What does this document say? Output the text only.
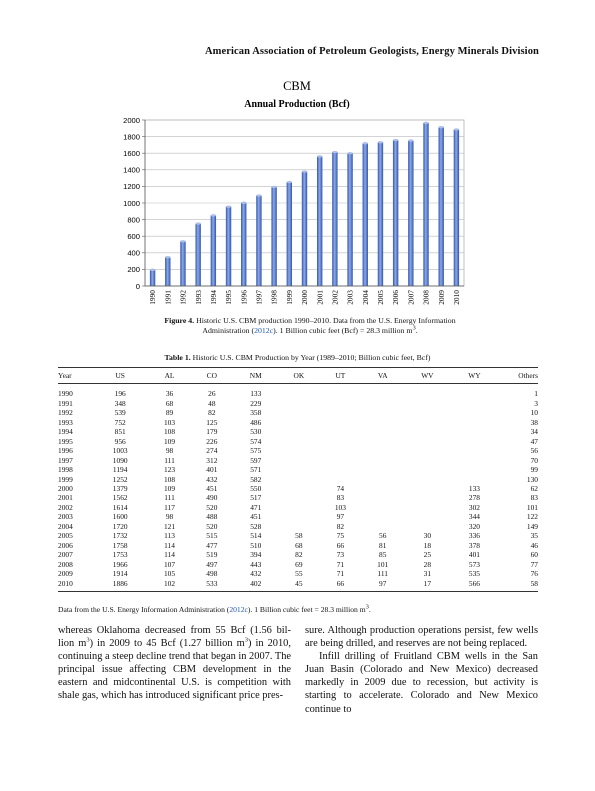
American Association of Petroleum Geologists, Energy Minerals Division
CBM
Annual Production (Bcf)
0
200
400
600
800
1000
1200
1400
1600
1800
2000
1990 1991 1992 1993 1994 1995 1996 1997 1998 1999 2000 2001 2002 2003 2004 2005 2006 2007 2008 2009 2010
Figure 4. Historic U.S. CBM production 1990–2010. Data from the U.S. Energy Information Administration (2012c). 1 Billion cubic feet (Bcf) = 28.3 million $m^3$.
Table 1. Historic U.S. CBM Production by Year (1989–2010; Billion cubic feet, Bcf)
Year	US	AL	CO	NM	OK	UT	VA	WV	WY	Others
1990	196	36	26	133						1
1991	348	68	48	229						3
1992	539	89	82	358						10
1993	752	103	125	486						38
1994	851	108	179	530						34
1995	956	109	226	574						47
1996	1003	98	274	575						56
1997	1090	111	312	597						70
1998	1194	123	401	571						99
1999	1252	108	432	582						130
2000	1379	109	451	550		74			133	62
2001	1562	111	490	517		83			278	83
2002	1614	117	520	471		103			302	101
2003	1600	98	488	451		97			344	122
2004	1720	121	520	528		82			320	149
2005	1732	113	515	514	58	75	56	30	336	35
2006	1758	114	477	510	68	66	81	18	378	46
2007	1753	114	519	394	82	73	85	25	401	60
2008	1966	107	497	443	69	71	101	28	573	77
2009	1914	105	498	432	55	71	111	31	535	76
2010	1886	102	533	402	45	66	97	17	566	58
Data from the U.S. Energy Information Administration (2012c). 1 Billion cubic feet = 28.3 million $m^3$.

whereas Oklahoma decreased from 55 Bcf (1.56 bil-lion $m^3$) in 2009 to 45 Bcf (1.27 billion $m^3$) in 2010, continuing a steep decline trend that began in 2007. The principal issue affecting CBM development in the eastern and midcontinental U.S. is competition with shale gas, which has introduced significant price pres-

sure. Although production operations persist, few wells are being drilled, and reserves are not being replaced.

Infill drilling of Fruitland CBM wells in the San Juan Basin (Colorado and New Mexico) decreased markedly in 2009 due to recession, but activity is starting to accelerate. Colorado and New Mexico continue to
